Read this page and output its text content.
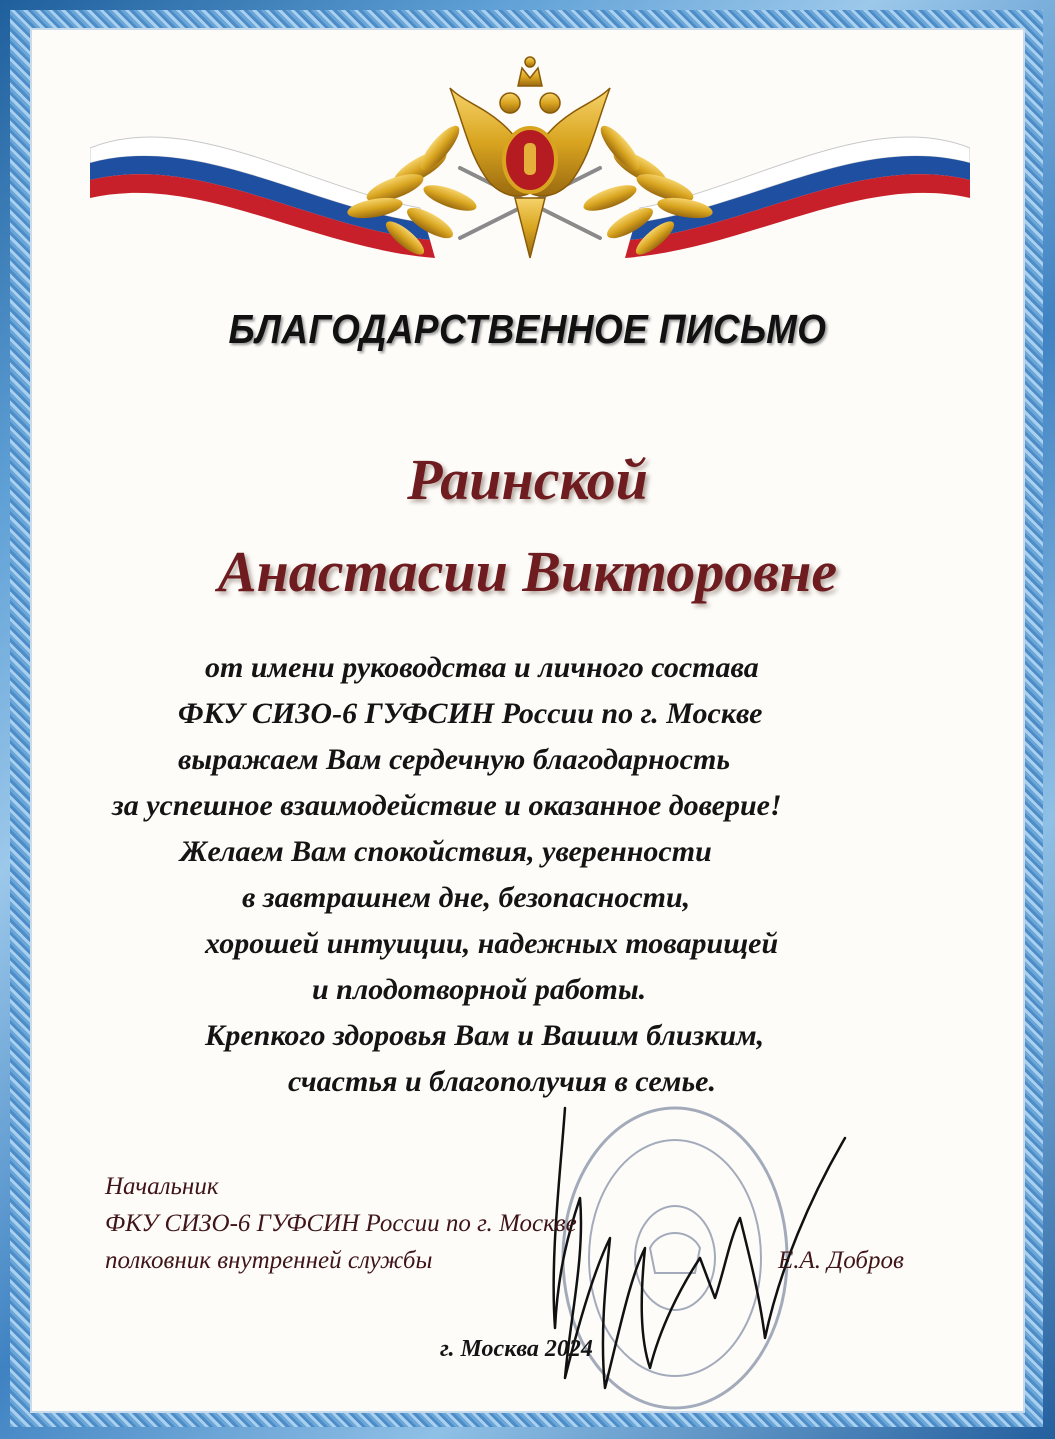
БЛАГОДАРСТВЕННОЕ ПИСЬМО
Раинской
Анастасии Викторовне
от имени руководства и личного состава
ФКУ СИЗО-6 ГУФСИН России по г. Москве
выражаем Вам сердечную благодарность
за успешное взаимодействие и оказанное доверие!
Желаем Вам спокойствия, уверенности
в завтрашнем дне, безопасности,
хорошей интуиции, надежных товарищей
и плодотворной работы.
Крепкого здоровья Вам и Вашим близким,
счастья и благополучия в семье.
Начальник
ФКУ СИЗО-6 ГУФСИН России по г. Москве
полковник внутренней службы	Е.А. Добров
г. Москва 2024
